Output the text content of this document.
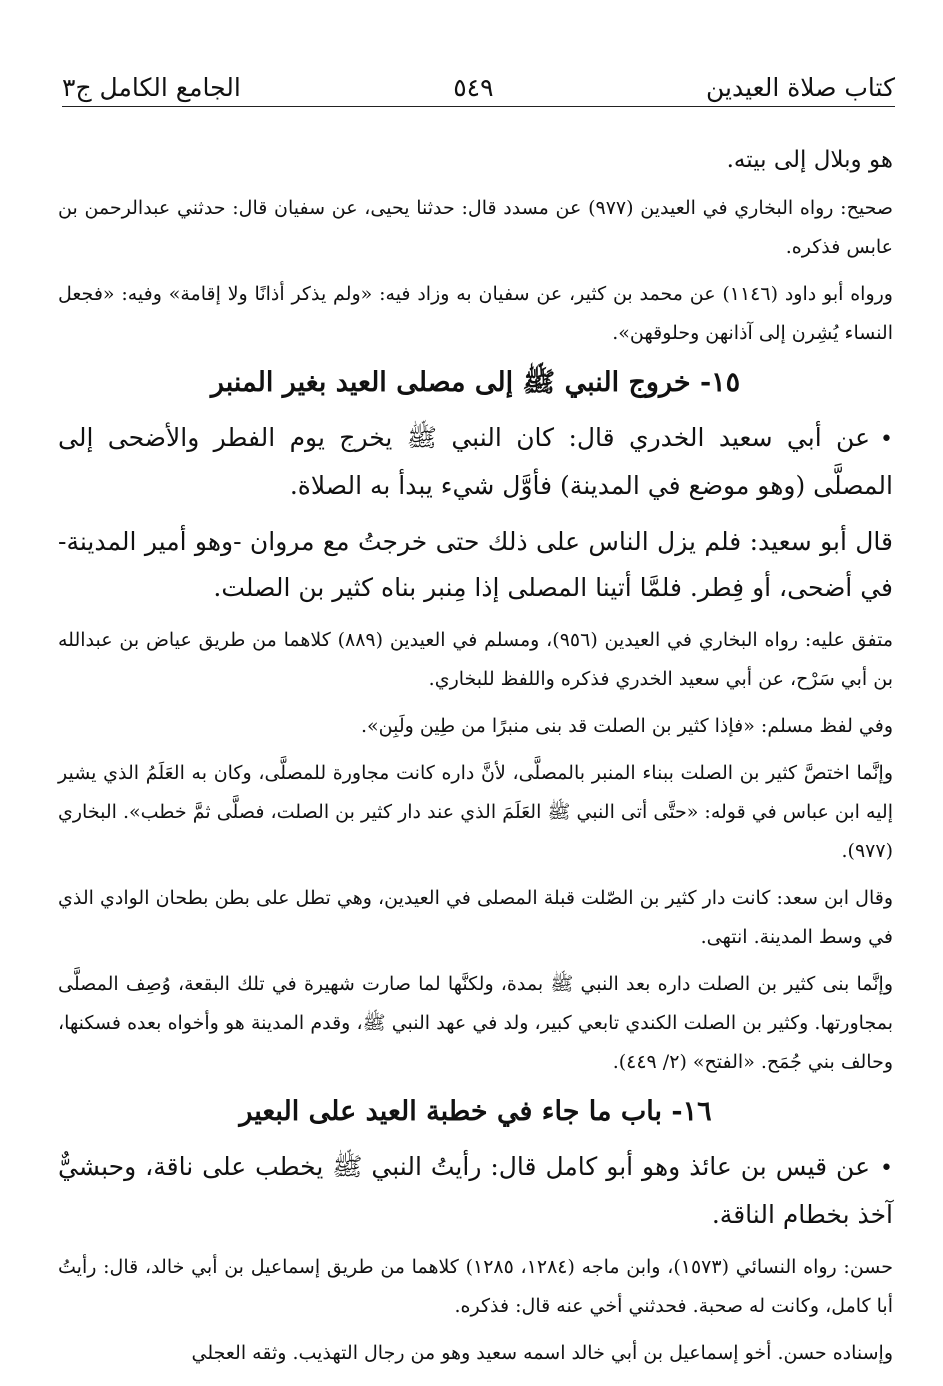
كتاب صلاة العيدين
٥٤٩
الجامع الكامل ج٣

هو وبلال إلى بيته.

صحيح: رواه البخاري في العيدين (٩٧٧) عن مسدد قال: حدثنا يحيى، عن سفيان قال: حدثني عبدالرحمن بن عابس فذكره.

ورواه أبو داود (١١٤٦) عن محمد بن كثير، عن سفيان به وزاد فيه: «ولم يذكر أذانًا ولا إقامة» وفيه: «فجعل النساء يُشِرن إلى آذانهن وحلوقهن».

١٥- خروج النبي ﷺ إلى مصلى العيد بغير المنبر

•عن أبي سعيد الخدري قال: كان النبي ﷺ يخرج يوم الفطر والأضحى إلى المصلَّى (وهو موضع في المدينة) فأوَّل شيء يبدأ به الصلاة.

قال أبو سعيد: فلم يزل الناس على ذلك حتى خرجتُ مع مروان -وهو أمير المدينة- في أضحى، أو فِطر. فلمَّا أتينا المصلى إذا مِنبر بناه كثير بن الصلت.

متفق عليه: رواه البخاري في العيدين (٩٥٦)، ومسلم في العيدين (٨٨٩) كلاهما من طريق عياض بن عبدالله بن أبي سَرْح، عن أبي سعيد الخدري فذكره واللفظ للبخاري.

وفي لفظ مسلم: «فإذا كثير بن الصلت قد بنى منبرًا من طِين ولَبِن».

وإنَّما اختصَّ كثير بن الصلت ببناء المنبر بالمصلَّى، لأنَّ داره كانت مجاورة للمصلَّى، وكان به العَلَمُ الذي يشير إليه ابن عباس في قوله: «حتَّى أتى النبي ﷺ العَلَمَ الذي عند دار كثير بن الصلت، فصلَّى ثمَّ خطب». البخاري (٩٧٧).

وقال ابن سعد: كانت دار كثير بن الصّلت قبلة المصلى في العيدين، وهي تطل على بطن بطحان الوادي الذي في وسط المدينة. انتهى.

وإنَّما بنى كثير بن الصلت داره بعد النبي ﷺ بمدة، ولكنَّها لما صارت شهيرة في تلك البقعة، وُصِف المصلَّى بمجاورتها. وكثير بن الصلت الكندي تابعي كبير، ولد في عهد النبي ﷺ، وقدم المدينة هو وأخواه بعده فسكنها، وحالف بني جُمَح. «الفتح» (٢/ ٤٤٩).

١٦- باب ما جاء في خطبة العيد على البعير

•عن قيس بن عائذ وهو أبو كامل قال: رأيتُ النبي ﷺ يخطب على ناقة، وحبشيٌّ آخذ بخطام الناقة.

حسن: رواه النسائي (١٥٧٣)، وابن ماجه (١٢٨٤، ١٢٨٥) كلاهما من طريق إسماعيل بن أبي خالد، قال: رأيتُ أبا كامل، وكانت له صحبة. فحدثني أخي عنه قال: فذكره.

وإسناده حسن. أخو إسماعيل بن أبي خالد اسمه سعيد وهو من رجال التهذيب. وثقه العجلي
